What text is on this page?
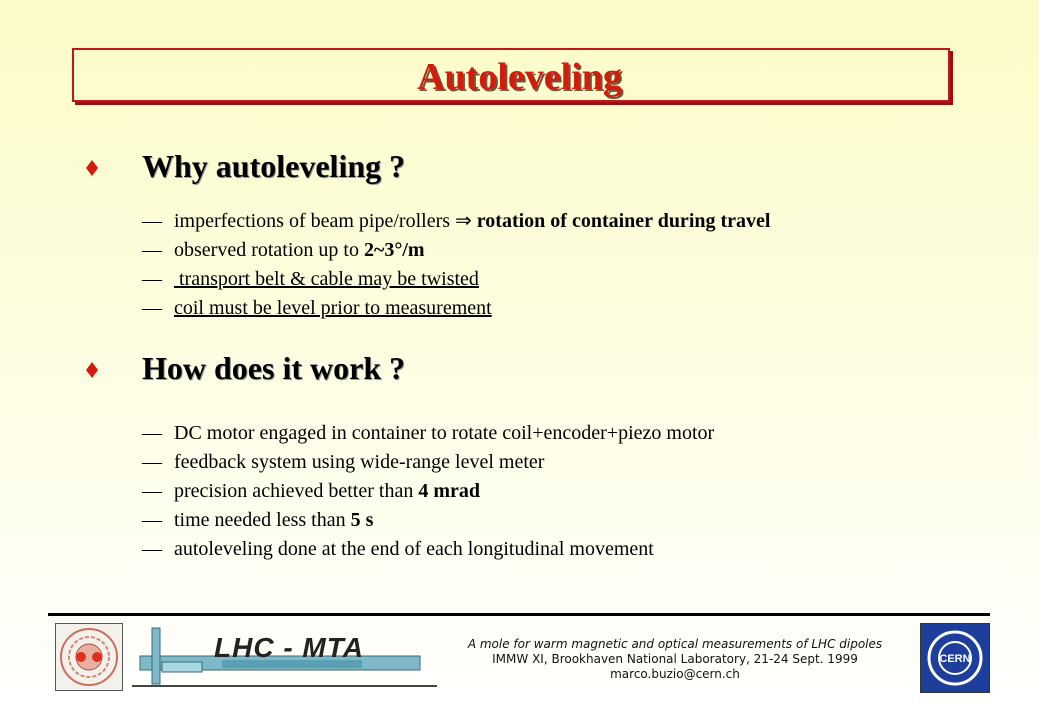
Autoleveling
Why autoleveling ?
— imperfections of beam pipe/rollers ⇒ rotation of container during travel
— observed rotation up to 2~3°/m
— transport belt & cable may be twisted
— coil must be level prior to measurement
How does it work ?
— DC motor engaged in container to rotate coil+encoder+piezo motor
— feedback system using wide-range level meter
— precision achieved better than 4 mrad
— time needed less than 5 s
— autoleveling done at the end of each longitudinal movement
LHC - MTA	A mole for warm magnetic and optical measurements of LHC dipoles
IMMW XI, Brookhaven National Laboratory, 21-24 Sept. 1999
marco.buzio@cern.ch
CERN
